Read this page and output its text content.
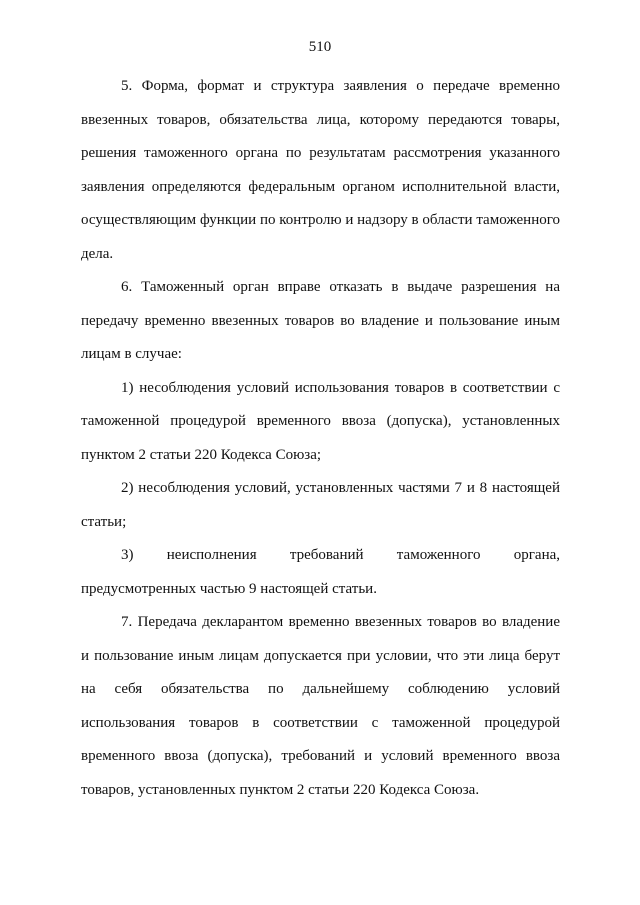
510

5. Форма, формат и структура заявления о передаче временно ввезенных товаров, обязательства лица, которому передаются товары, решения таможенного органа по результатам рассмотрения указанного заявления определяются федеральным органом исполнительной власти, осуществляющим функции по контролю и надзору в области таможенного дела.

6. Таможенный орган вправе отказать в выдаче разрешения на передачу временно ввезенных товаров во владение и пользование иным лицам в случае:

1) несоблюдения условий использования товаров в соответствии с таможенной процедурой временного ввоза (допуска), установленных пунктом 2 статьи 220 Кодекса Союза;

2) несоблюдения условий, установленных частями 7 и 8 настоящей статьи;

3) неисполнения требований таможенного органа, предусмотренных частью 9 настоящей статьи.

7. Передача декларантом временно ввезенных товаров во владение и пользование иным лицам допускается при условии, что эти лица берут на себя обязательства по дальнейшему соблюдению условий использования товаров в соответствии с таможенной процедурой временного ввоза (допуска), требований и условий временного ввоза товаров, установленных пунктом 2 статьи 220 Кодекса Союза.
